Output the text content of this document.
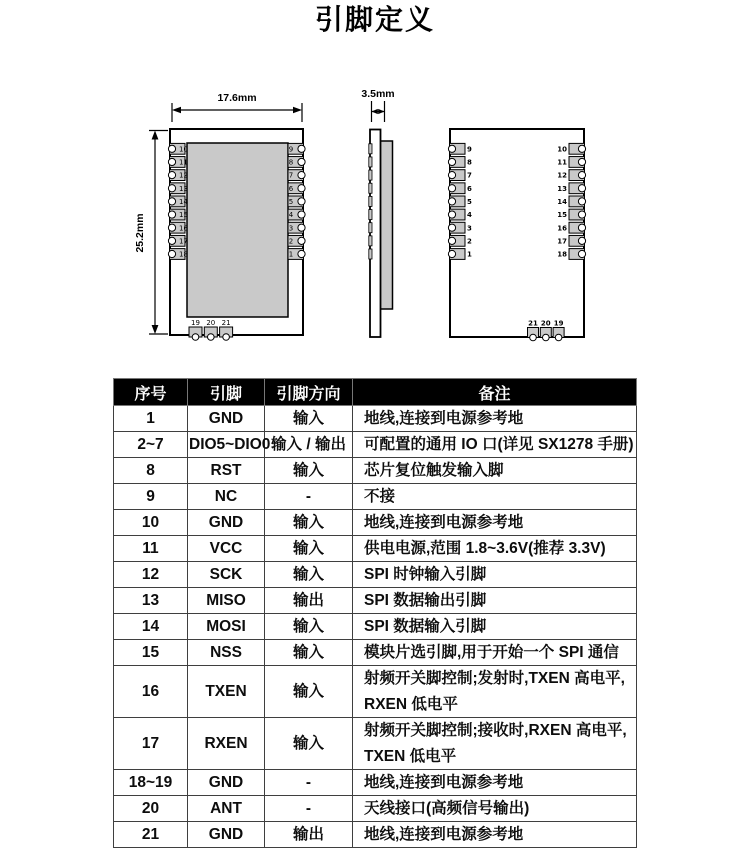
引脚定义
17.6mm
25.2mm
3.5mm
10
11
12
13
14
15
16
17
18
9
8
7
6
5
4
3
2
1
19 20 21
9
8
7
6
5
4
3
2
1
10
11
12
13
14
15
16
17
18
21 20 19
序号	引脚	引脚方向	备注
1	GND	输入	地线,连接到电源参考地

2~7	DIO5~DIO0	输入 / 输出	可配置的通用 IO 口(详见 SX1278 手册)

8	RST	输入	芯片复位触发输入脚

9	NC	-	不接

10	GND	输入	地线,连接到电源参考地

11	VCC	输入	供电电源,范围 1.8~3.6V(推荐 3.3V)

12	SCK	输入	SPI 时钟输入引脚

13	MISO	输出	SPI 数据输出引脚

14	MOSI	输入	SPI 数据输入引脚

15	NSS	输入	模块片选引脚,用于开始一个 SPI 通信

16	TXEN	输入	射频开关脚控制;发射时,TXEN 高电平,
RXEN 低电平

17	RXEN	输入	射频开关脚控制;接收时,RXEN 高电平,
TXEN 低电平

18~19	GND	-	地线,连接到电源参考地

20	ANT	-	天线接口(高频信号输出)

21	GND	输出	地线,连接到电源参考地
